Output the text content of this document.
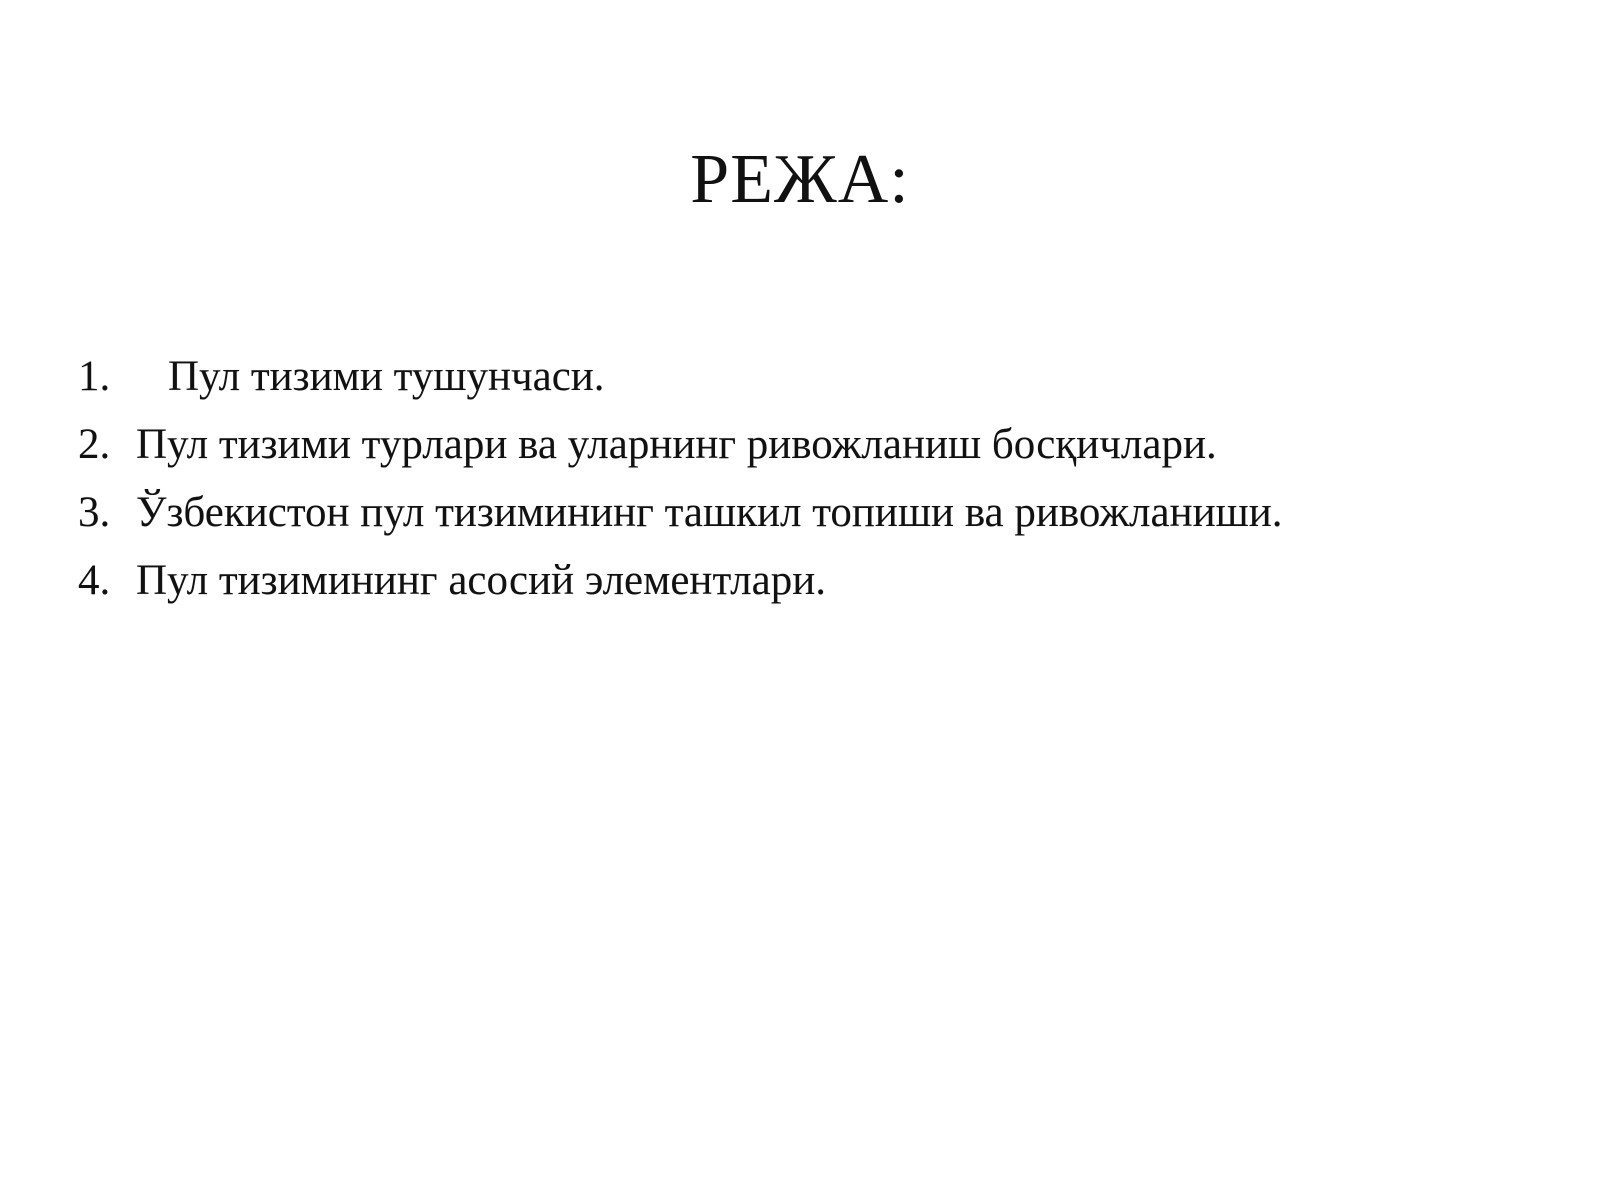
РЕЖА:
1. Пул тизими тушунчаси.
2. Пул тизими турлари ва уларнинг ривожланиш босқичлари.
3. Ўзбекистон пул тизимининг ташкил топиши ва ривожланиши.
4. Пул тизимининг асосий элементлари.
